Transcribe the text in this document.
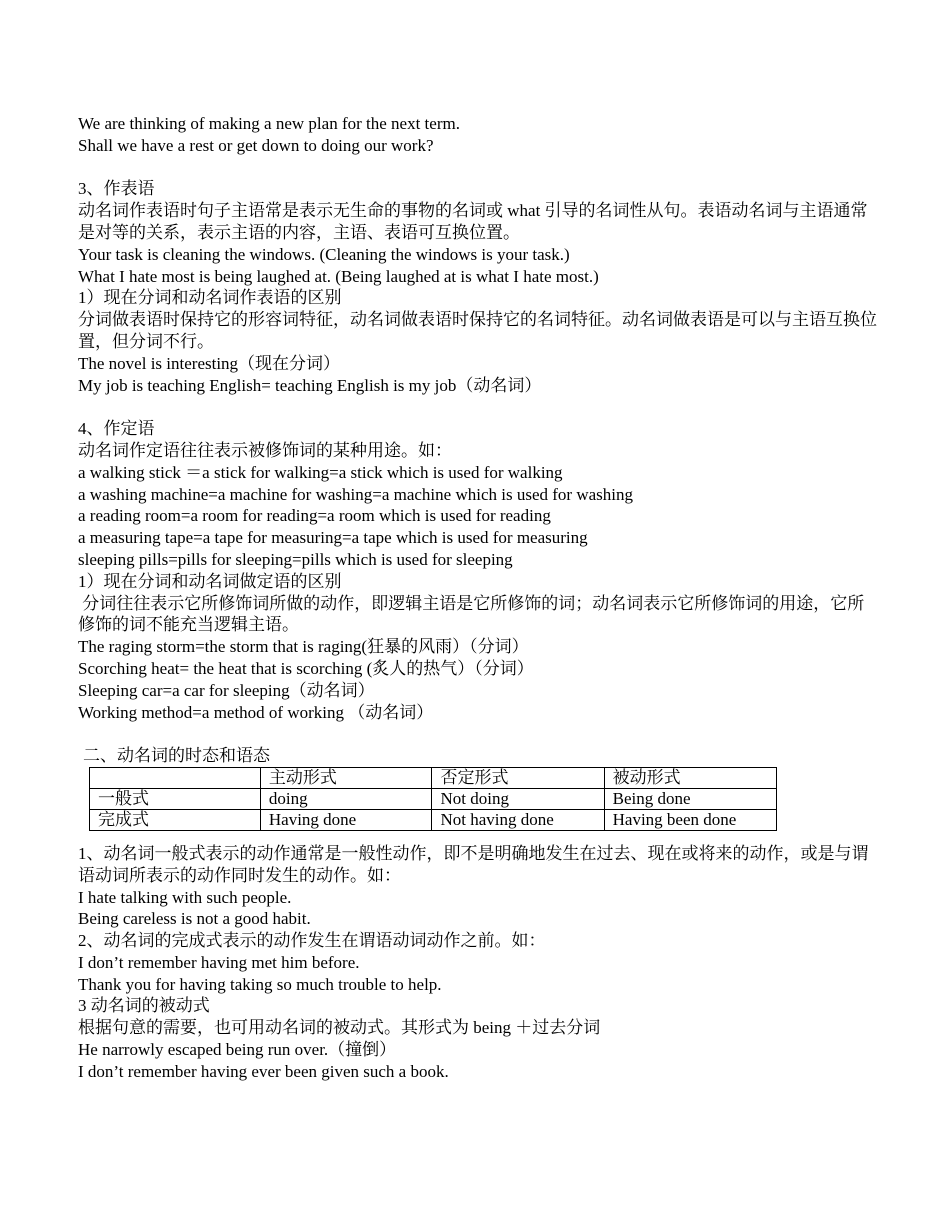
We are thinking of making a new plan for the next term.
Shall we have a rest or get down to doing our work?
3、作表语
动名词作表语时句子主语常是表示无生命的事物的名词或 what 引导的名词性从句。表语动名词与主语通常是对等的关系，表示主语的内容，主语、表语可互换位置。
Your task is cleaning the windows. (Cleaning the windows is your task.)
What I hate most is being laughed at. (Being laughed at is what I hate most.)
1）现在分词和动名词作表语的区别
分词做表语时保持它的形容词特征，动名词做表语时保持它的名词特征。动名词做表语是可以与主语互换位置，但分词不行。
The novel is interesting（现在分词）
My job is teaching English= teaching English is my job（动名词）
4、作定语
动名词作定语往往表示被修饰词的某种用途。如：
a walking stick ＝a stick for walking=a stick which is used for walking
a washing machine=a machine for washing=a machine which is used for washing
a reading room=a room for reading=a room which is used for reading
a measuring tape=a tape for measuring=a tape which is used for measuring
sleeping pills=pills for sleeping=pills which is used for sleeping
1）现在分词和动名词做定语的区别
分词往往表示它所修饰词所做的动作，即逻辑主语是它所修饰的词；动名词表示它所修饰词的用途，它所修饰的词不能充当逻辑主语。
The raging storm=the storm that is raging(狂暴的风雨）（分词）
Scorching heat= the heat that is scorching (炙人的热气）（分词）
Sleeping car=a car for sleeping（动名词）
Working method=a method of working （动名词）
二、动名词的时态和语态
	主动形式	否定形式	被动形式
一般式	doing	Not doing	Being done
完成式	Having done	Not having done	Having been done
1、动名词一般式表示的动作通常是一般性动作，即不是明确地发生在过去、现在或将来的动作，或是与谓语动词所表示的动作同时发生的动作。如：
I hate talking with such people.
Being careless is not a good habit.
2、动名词的完成式表示的动作发生在谓语动词动作之前。如：
I don’t remember having met him before.
Thank you for having taking so much trouble to help.
3 动名词的被动式
根据句意的需要，也可用动名词的被动式。其形式为 being ＋过去分词
He narrowly escaped being run over.（撞倒）
I don’t remember having ever been given such a book.
